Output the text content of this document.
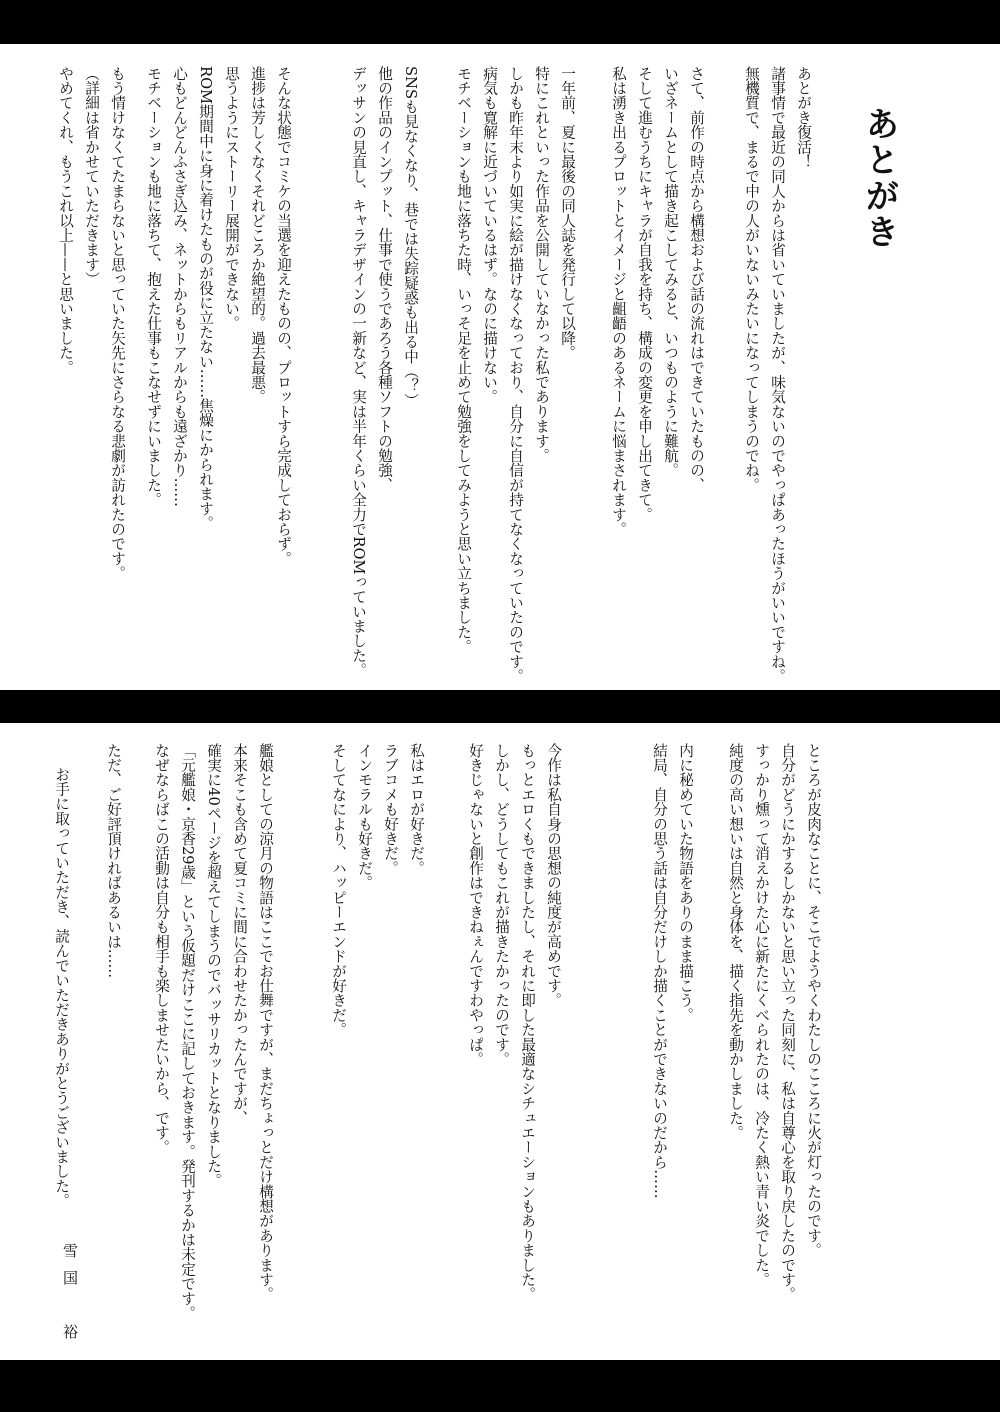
あとがき
あとがき復活！
諸事情で最近の同人からは省いていましたが、味気ないのでやっぱあったほうがいいですね。
無機質で、まるで中の人がいないみたいになってしまうのでね。
さて、前作の時点から構想および話の流れはできていたものの、
いざネームとして描き起こしてみると、いつものように難航。
そして進むうちにキャラが自我を持ち、構成の変更を申し出てきて。
私は湧き出るプロットとイメージと齟齬のあるネームに悩まされます。
一年前、夏に最後の同人誌を発行して以降。
特にこれといった作品を公開していなかった私であります。
しかも昨年末より如実に絵が描けなくなっており、自分に自信が持てなくなっていたのです。
病気も寛解に近づいているはず。なのに描けない。
モチベーションも地に落ちた時、いっそ足を止めて勉強をしてみようと思い立ちました。
SNSも見なくなり、巷では失踪疑惑も出る中（？）
他の作品のインプット、仕事で使うであろう各種ソフトの勉強、
デッサンの見直し、キャラデザインの一新など、実は半年くらい全力でROMっていました。
そんな状態でコミケの当選を迎えたものの、プロットすら完成しておらず。
進捗は芳しくなくそれどころか絶望的。過去最悪。
思うようにストーリー展開ができない。
ROM期間中に身に着けたものが役に立たない……焦燥にかられます。
心もどんどんふさぎ込み、ネットからもリアルからも遠ざかり……
モチベーションも地に落ちて、抱えた仕事もこなせずにいました。
もう情けなくてたまらないと思っていた矢先にさらなる悲劇が訪れたのです。
（詳細は省かせていただきます）
やめてくれ、もうこれ以上——と思いました。
ところが皮肉なことに、そこでようやくわたしのこころに火が灯ったのです。
自分がどうにかするしかないと思い立った同刻に、私は自尊心を取り戻したのです。
すっかり燻って消えかけた心に新たにくべられたのは、冷たく熱い青い炎でした。
純度の高い想いは自然と身体を、描く指先を動かしました。
内に秘めていた物語をありのまま描こう。
結局、自分の思う話は自分だけしか描くことができないのだから……
今作は私自身の思想の純度が高めです。
もっとエロくもできましたし、それに即した最適なシチュエーションもありました。
しかし、どうしてもこれが描きたかったのです。
好きじゃないと創作はできねぇんですわやっぱ。
私はエロが好きだ。
ラブコメも好きだ。
インモラルも好きだ。
そしてなにより、ハッピーエンドが好きだ。
艦娘としての涼月の物語はここでお仕舞ですが、まだちょっとだけ構想があります。
本来そこも含めて夏コミに間に合わせたかったんですが、
確実に40ページを超えてしまうのでバッサリカットとなりました。
「元艦娘・京香29歳」という仮題だけここに記しておきます。発刊するかは未定です。
なぜならばこの活動は自分も相手も楽しませたいから、です。
ただ、ご好評頂ければあるいは……
お手に取っていただき、読んでいただきありがとうございました。
雪国　裕
